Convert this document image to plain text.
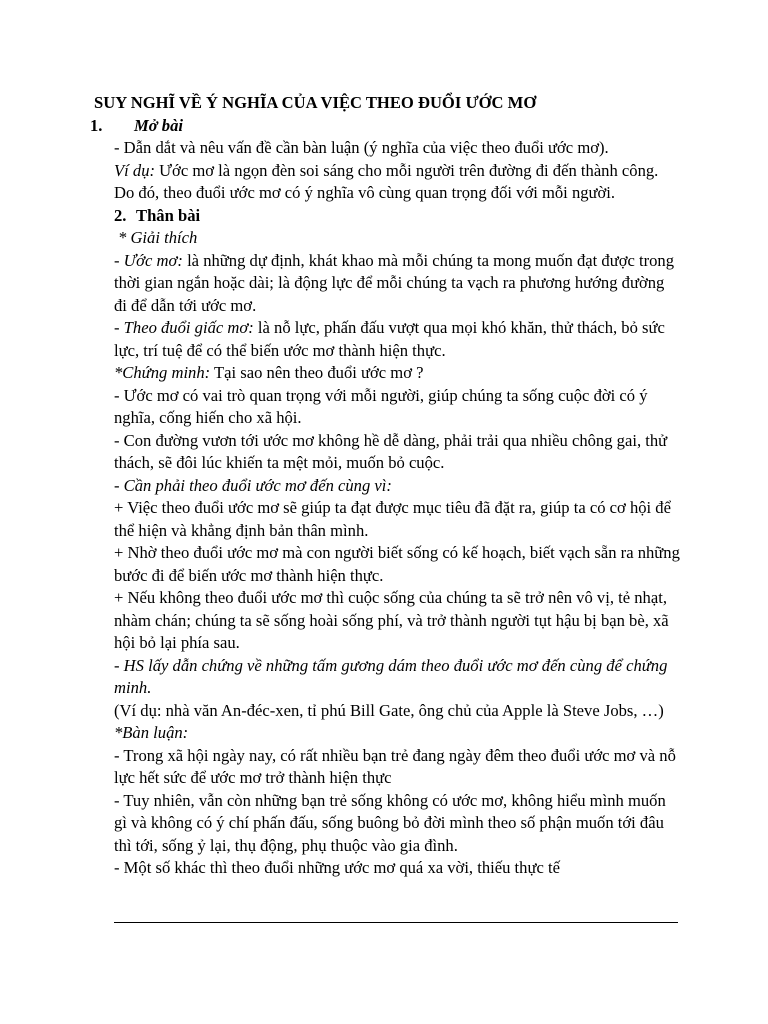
SUY NGHĨ VỀ Ý NGHĨA CỦA VIỆC THEO ĐUỔI ƯỚC MƠ
1.	Mở bài

- Dẫn dắt và nêu vấn đề cần bàn luận (ý nghĩa của việc theo đuổi ước mơ).

Ví dụ: Ước mơ là ngọn đèn soi sáng cho mỗi người trên đường đi đến thành công. Do đó, theo đuổi ước mơ có ý nghĩa vô cùng quan trọng đối với mỗi người.

2. Thân bài

* Giải thích

- Ước mơ: là những dự định, khát khao mà mỗi chúng ta mong muốn đạt được trong thời gian ngắn hoặc dài; là động lực để mỗi chúng ta vạch ra phương hướng đường đi để dẫn tới ước mơ.

- Theo đuổi giấc mơ: là nỗ lực, phấn đấu vượt qua mọi khó khăn, thử thách, bỏ sức lực, trí tuệ để có thể biến ước mơ thành hiện thực.

*Chứng minh: Tại sao nên theo đuổi ước mơ ?

- Ước mơ có vai trò quan trọng với mỗi người, giúp chúng ta sống cuộc đời có ý nghĩa, cống hiến cho xã hội.

- Con đường vươn tới ước mơ không hề dễ dàng, phải trải qua nhiều chông gai, thử thách, sẽ đôi lúc khiến ta mệt mỏi, muốn bỏ cuộc.

- Cần phải theo đuổi ước mơ đến cùng vì:

+ Việc theo đuổi ước mơ sẽ giúp ta đạt được mục tiêu đã đặt ra, giúp ta có cơ hội để thể hiện và khẳng định bản thân mình.

+ Nhờ theo đuổi ước mơ mà con người biết sống có kế hoạch, biết vạch sẵn ra những bước đi để biến ước mơ thành hiện thực.

+ Nếu không theo đuổi ước mơ thì cuộc sống của chúng ta sẽ trở nên vô vị, tẻ nhạt, nhàm chán; chúng ta sẽ sống hoài sống phí, và trở thành người tụt hậu bị bạn bè, xã hội bỏ lại phía sau.

- HS lấy dẫn chứng về những tấm gương dám theo đuổi ước mơ đến cùng để chứng minh.

(Ví dụ: nhà văn An-đéc-xen, tỉ phú Bill Gate, ông chủ của Apple là Steve Jobs, …)

*Bàn luận:

- Trong xã hội ngày nay, có rất nhiều bạn trẻ đang ngày đêm theo đuổi ước mơ và nỗ lực hết sức để ước mơ trở thành hiện thực

- Tuy nhiên, vẫn còn những bạn trẻ sống không có ước mơ, không hiểu mình muốn gì và không có ý chí phấn đấu, sống buông bỏ đời mình theo số phận muốn tới đâu thì tới, sống ỷ lại, thụ động, phụ thuộc vào gia đình.

- Một số khác thì theo đuổi những ước mơ quá xa vời, thiếu thực tế
